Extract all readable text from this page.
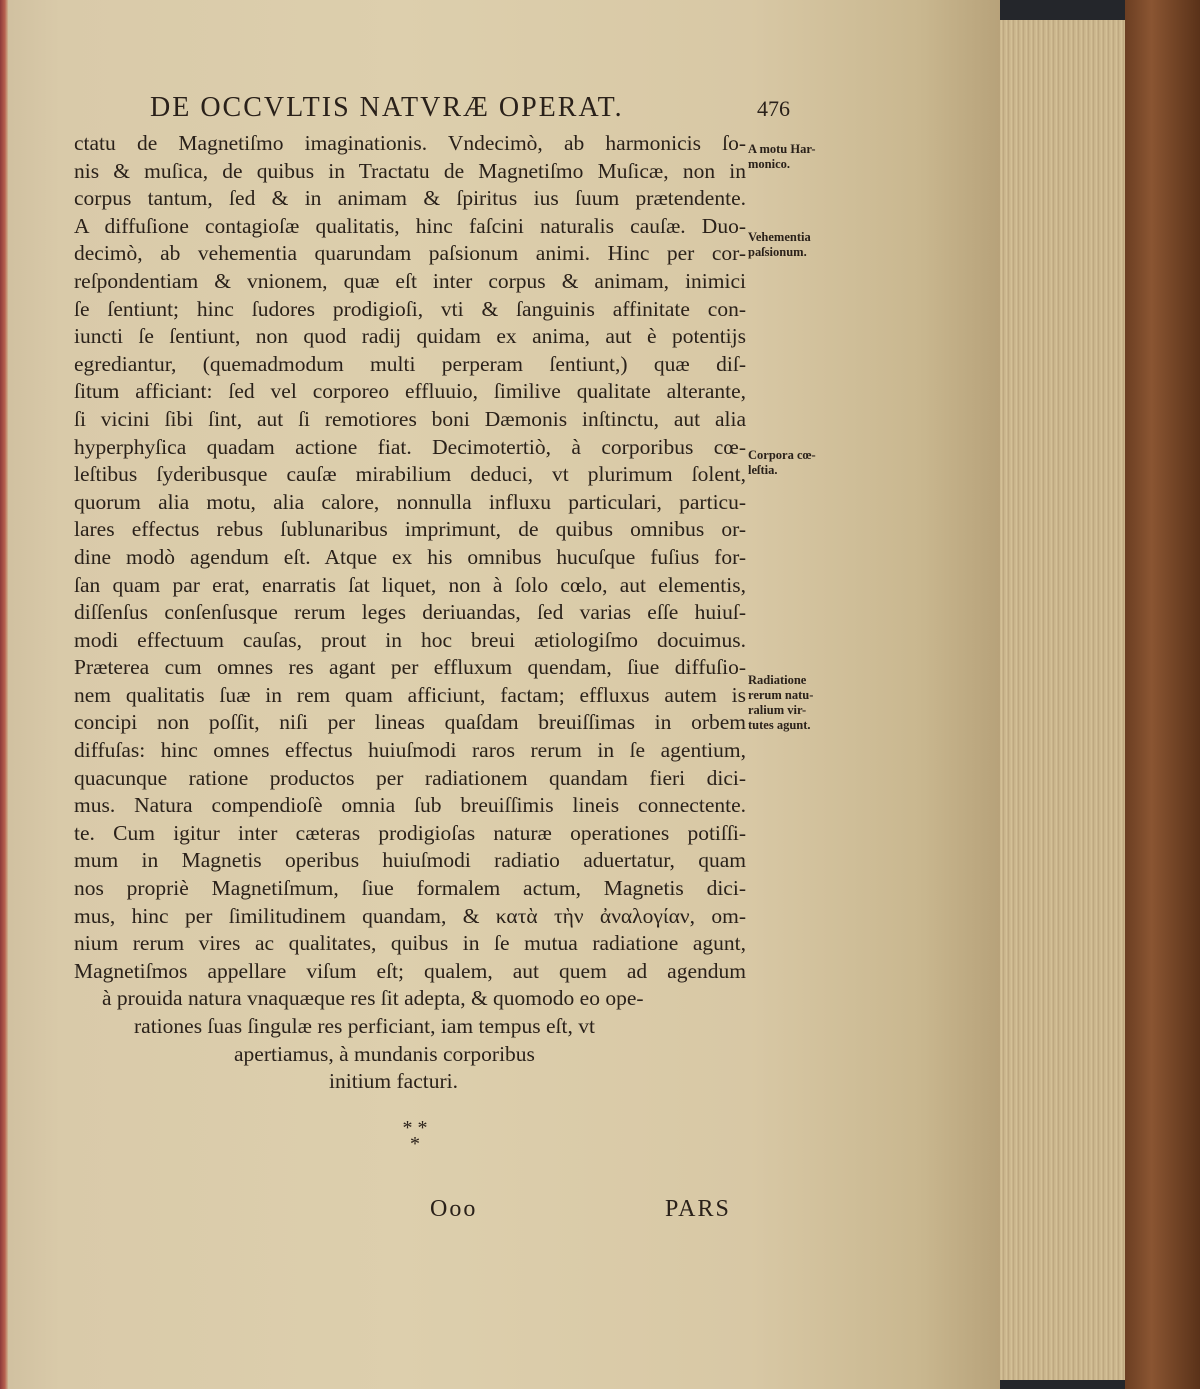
DE OCCVLTIS NATVRÆ OPERAT.	476
ctatu de Magnetiſmo imaginationis. Vndecimò, ab harmonicis ſo-
nis & muſica, de quibus in Tractatu de Magnetiſmo Muſicæ, non in
corpus tantum, ſed & in animam & ſpiritus ius ſuum prætendente.
A diffuſione contagioſæ qualitatis, hinc faſcini naturalis cauſæ. Duo-
decimò, ab vehementia quarundam paſsionum animi. Hinc per cor-
reſpondentiam & vnionem, quæ eſt inter corpus & animam, inimici
ſe ſentiunt; hinc ſudores prodigioſi, vti & ſanguinis affinitate con-
iuncti ſe ſentiunt, non quod radij quidam ex anima, aut è potentijs
egrediantur, (quemadmodum multi perperam ſentiunt,) quæ diſ-
ſitum afficiant: ſed vel corporeo effluuio, ſimilive qualitate alterante,
ſi vicini ſibi ſint, aut ſi remotiores boni Dæmonis inſtinctu, aut alia
hyperphyſica quadam actione fiat. Decimotertiò, à corporibus cœ-
leſtibus ſyderibusque cauſæ mirabilium deduci, vt plurimum ſolent,
quorum alia motu, alia calore, nonnulla influxu particulari, particu-
lares effectus rebus ſublunaribus imprimunt, de quibus omnibus or-
dine modò agendum eſt. Atque ex his omnibus hucuſque fuſius for-
ſan quam par erat, enarratis ſat liquet, non à ſolo cœlo, aut elementis,
diſſenſus conſenſusque rerum leges deriuandas, ſed varias eſſe huiuſ-
modi effectuum cauſas, prout in hoc breui ætiologiſmo docuimus.
Præterea cum omnes res agant per effluxum quendam, ſiue diffuſio-
nem qualitatis ſuæ in rem quam afficiunt, factam; effluxus autem is
concipi non poſſit, niſi per lineas quaſdam breuiſſimas in orbem
diffuſas: hinc omnes effectus huiuſmodi raros rerum in ſe agentium,
quacunque ratione productos per radiationem quandam fieri dici-
mus. Natura compendioſè omnia ſub breuiſſimis lineis connectente.
te. Cum igitur inter cæteras prodigioſas naturæ operationes potiſſi-
mum in Magnetis operibus huiuſmodi radiatio aduertatur, quam
nos propriè Magnetiſmum, ſiue formalem actum, Magnetis dici-
mus, hinc per ſimilitudinem quandam, & κατὰ τὴν ἀναλογίαν, om-
nium rerum vires ac qualitates, quibus in ſe mutua radiatione agunt,
Magnetiſmos appellare viſum eſt; qualem, aut quem ad agendum
à prouida natura vnaquæque res ſit adepta, & quomodo eo ope-
rationes ſuas ſingulæ res perficiant, iam tempus eſt, vt
apertiamus, à mundanis corporibus
initium facturi.
A motu Har-
monico.
Vehementia
paſsionum.
Corpora cœ-
leſtia.
Radiatione
rerum natu-
ralium vir-
tutes agunt.
* *
*
Ooo	PARS
